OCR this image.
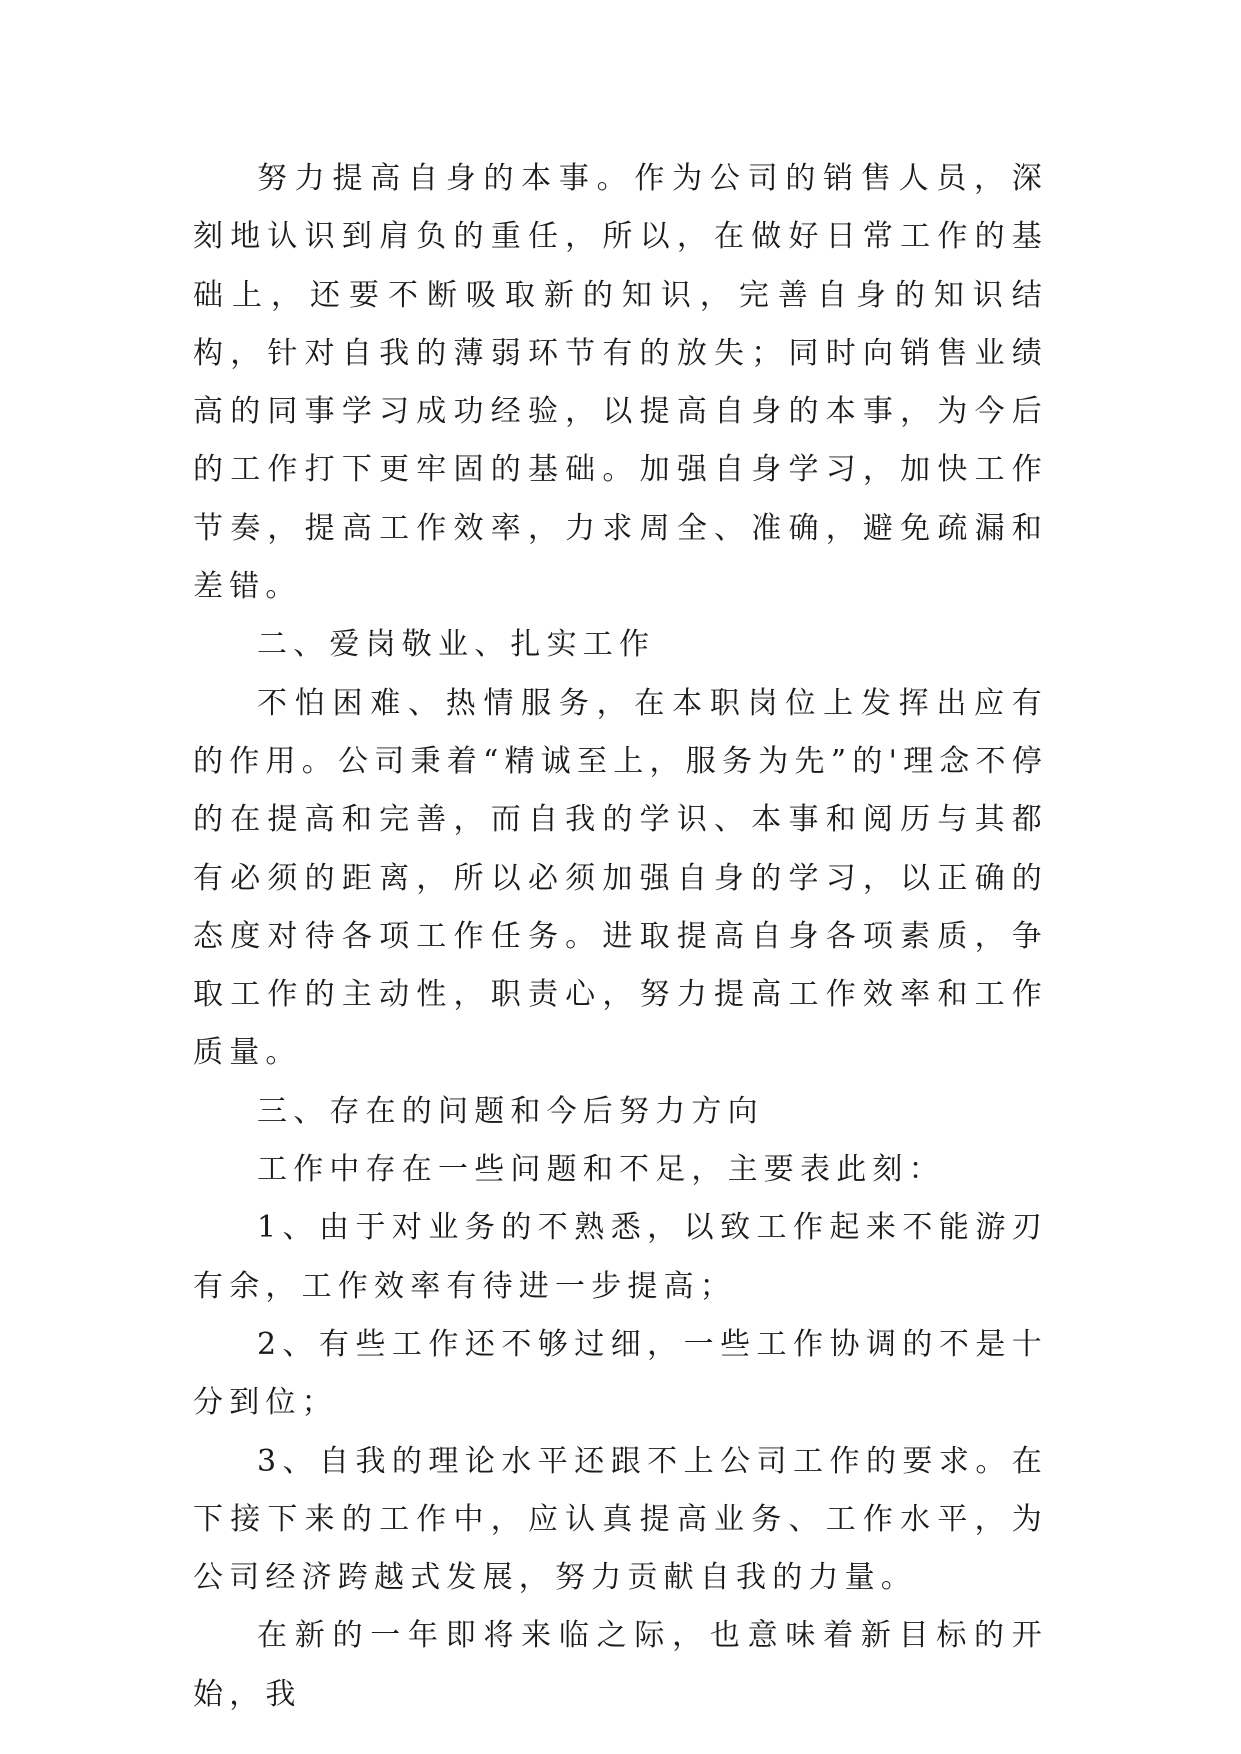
努力提高自身的本事。作为公司的销售人员，深刻地认识到肩负的重任，所以，在做好日常工作的基础上，还要不断吸取新的知识，完善自身的知识结构，针对自我的薄弱环节有的放失；同时向销售业绩高的同事学习成功经验，以提高自身的本事，为今后的工作打下更牢固的基础。加强自身学习，加快工作节奏，提高工作效率，力求周全、准确，避免疏漏和差错。

二、爱岗敬业、扎实工作

不怕困难、热情服务，在本职岗位上发挥出应有的作用。公司秉着“精诚至上，服务为先”的'理念不停的在提高和完善，而自我的学识、本事和阅历与其都有必须的距离，所以必须加强自身的学习，以正确的态度对待各项工作任务。进取提高自身各项素质，争取工作的主动性，职责心，努力提高工作效率和工作质量。

三、存在的问题和今后努力方向

工作中存在一些问题和不足，主要表此刻：

1、由于对业务的不熟悉，以致工作起来不能游刃有余，工作效率有待进一步提高；

2、有些工作还不够过细，一些工作协调的不是十分到位；

3、自我的理论水平还跟不上公司工作的要求。在下接下来的工作中，应认真提高业务、工作水平，为公司经济跨越式发展，努力贡献自我的力量。

在新的一年即将来临之际，也意味着新目标的开始，我
